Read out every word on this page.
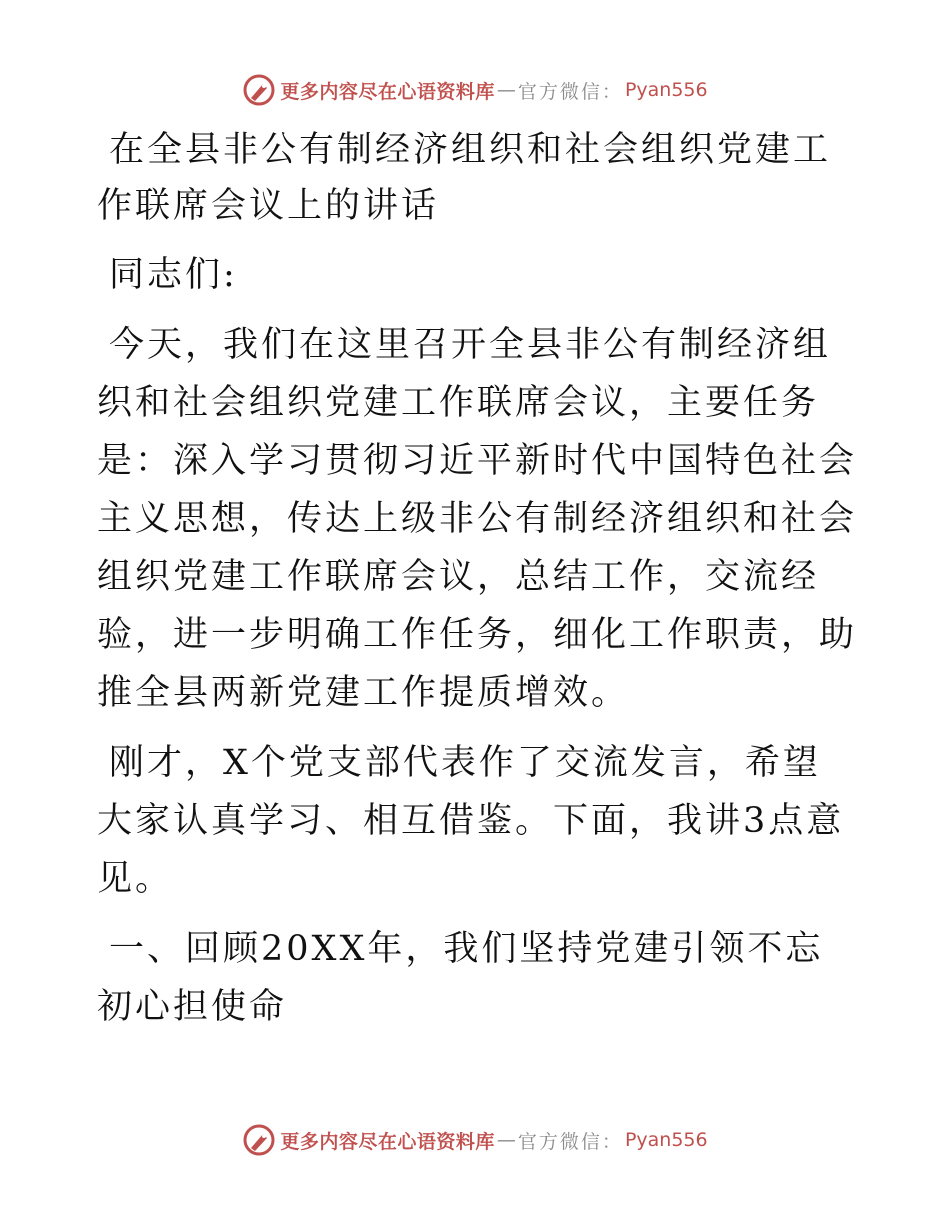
更多内容尽在心语资料库 — 官方微信： Pyan556

在全县非公有制经济组织和社会组织党建工作联席会议上的讲话

同志们:

今天，我们在这里召开全县非公有制经济组织和社会组织党建工作联席会议，主要任务是：深入学习贯彻习近平新时代中国特色社会主义思想，传达上级非公有制经济组织和社会组织党建工作联席会议，总结工作，交流经验，进一步明确工作任务，细化工作职责，助推全县两新党建工作提质增效。

刚才，X个党支部代表作了交流发言，希望大家认真学习、相互借鉴。下面，我讲3点意见。

一、回顾20XX年，我们坚持党建引领不忘初心担使命

更多内容尽在心语资料库 — 官方微信： Pyan556
